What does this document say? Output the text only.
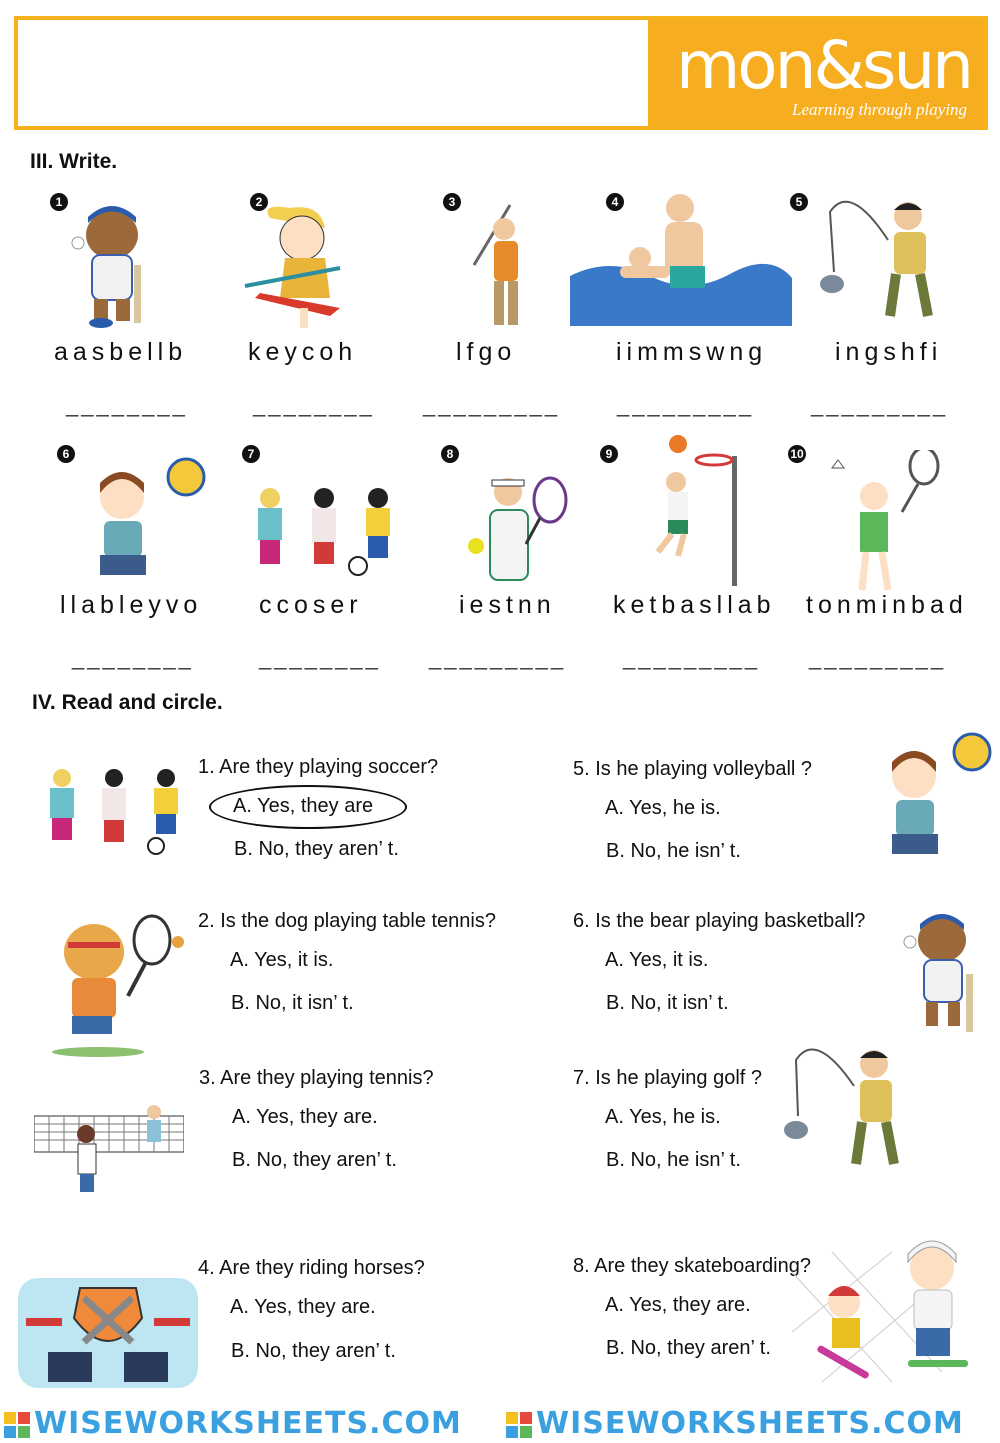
mon&sun
Learning through playing
III. Write.
1	2	3	4	5
aasbellb keycoh	lfgo	iimmswng	ingshfi
________	________ _________	_________	_________
6	7	8	9	10
llableyvo ccoser	iestnn ketbasllab tonminbad
________	________ _________	_________ _________
IV. Read and circle.
1. Are they playing soccer?
A. Yes, they are
B. No, they aren’ t.
2. Is the dog playing table tennis?
A. Yes, it is.
B. No, it isn’ t.
3. Are they playing tennis?
A. Yes, they are.
B. No, they aren’ t.
4. Are they riding horses?
A. Yes, they are.
B. No, they aren’ t.
5. Is he playing volleyball ?
A. Yes, he is.
B. No, he isn’ t.
6. Is the bear playing basketball?
A. Yes, it is.
B. No, it isn’ t.
7. Is he playing golf ?
A. Yes, he is.
B. No, he isn’ t.
8. Are they skateboarding?
A. Yes, they are.
B. No, they aren’ t.
WISEWORKSHEETS.COM WISEWORKSHEETS.COM
